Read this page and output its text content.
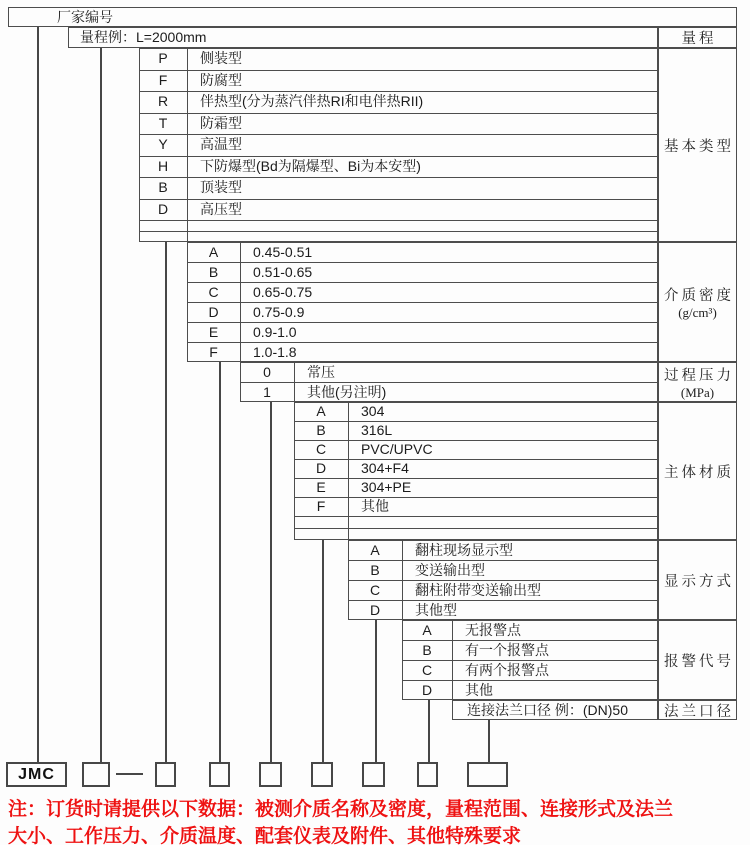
厂家编号
量程例：L=2000mm
JMC
注：订货时请提供以下数据：被测介质名称及密度，量程范围、连接形式及法兰
大小、工作压力、介质温度、配套仪表及附件、其他特殊要求
量程
基本类型
P	侧装型
F	防腐型
R	伴热型(分为蒸汽伴热RI和电伴热RII)
T	防霜型
Y	高温型
H	下防爆型(Bd为隔爆型、Bi为本安型)
B	顶装型
D	高压型
介质密度
(g/cm³)
A	0.45-0.51
B	0.51-0.65
C	0.65-0.75
D	0.75-0.9
E	0.9-1.0
F	1.0-1.8
过程压力
(MPa)
0	常压
1	其他(另注明)
主体材质
A	304
B	316L
C	PVC/UPVC
D	304+F4
E	304+PE
F	其他
显示方式
A	翻柱现场显示型
B	变送输出型
C	翻柱附带变送输出型
D	其他型
报警代号
A	无报警点
B	有一个报警点
C	有两个报警点
D	其他
法兰口径
连接法兰口径 例：(DN)50
